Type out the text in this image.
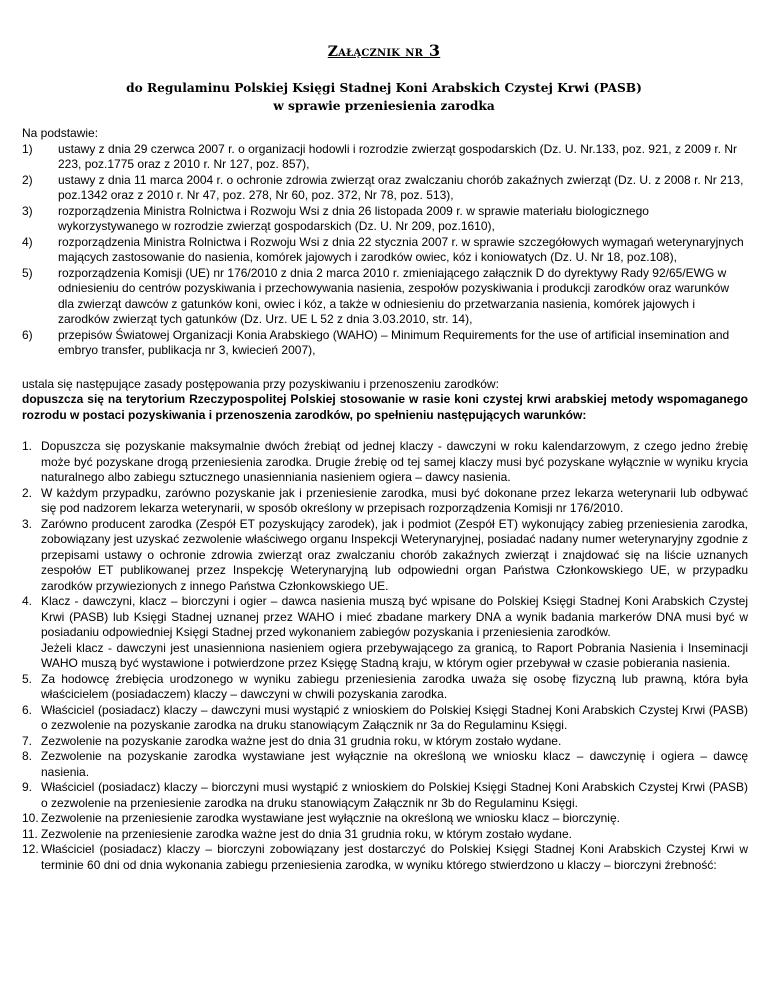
Załącznik nr 3
do Regulaminu Polskiej Księgi Stadnej Koni Arabskich Czystej Krwi (PASB)
w sprawie przeniesienia zarodka

Na podstawie:

1) ustawy z dnia 29 czerwca 2007 r. o organizacji hodowli i rozrodzie zwierząt gospodarskich (Dz. U. Nr.133, poz. 921, z 2009 r. Nr 223, poz.1775 oraz z 2010 r. Nr 127, poz. 857),
2) ustawy z dnia 11 marca 2004 r. o ochronie zdrowia zwierząt oraz zwalczaniu chorób zakaźnych zwierząt (Dz. U. z 2008 r. Nr 213, poz.1342 oraz z 2010 r. Nr 47, poz. 278, Nr 60, poz. 372, Nr 78, poz. 513),
3) rozporządzenia Ministra Rolnictwa i Rozwoju Wsi z dnia 26 listopada 2009 r. w sprawie materiału biologicznego wykorzystywanego w rozrodzie zwierząt gospodarskich (Dz. U. Nr 209, poz.1610),
4) rozporządzenia Ministra Rolnictwa i Rozwoju Wsi z dnia 22 stycznia 2007 r. w sprawie szczegółowych wymagań weterynaryjnych mających zastosowanie do nasienia, komórek jajowych i zarodków owiec, kóz i koniowatych (Dz. U. Nr 18, poz.108),
5) rozporządzenia Komisji (UE) nr 176/2010 z dnia 2 marca 2010 r. zmieniającego załącznik D do dyrektywy Rady 92/65/EWG w odniesieniu do centrów pozyskiwania i przechowywania nasienia, zespołów pozyskiwania i produkcji zarodków oraz warunków dla zwierząt dawców z gatunków koni, owiec i kóz, a także w odniesieniu do przetwarzania nasienia, komórek jajowych i zarodków zwierząt tych gatunków (Dz. Urz. UE L 52 z dnia 3.03.2010, str. 14),
6) przepisów Światowej Organizacji Konia Arabskiego (WAHO) – Minimum Requirements for the use of artificial insemination and embryo transfer, publikacja nr 3, kwiecień 2007),

ustala się następujące zasady postępowania przy pozyskiwaniu i przenoszeniu zarodków:

dopuszcza się na terytorium Rzeczypospolitej Polskiej stosowanie w rasie koni czystej krwi arabskiej metody wspomaganego rozrodu w postaci pozyskiwania i przenoszenia zarodków, po spełnieniu następujących warunków:

1. Dopuszcza się pozyskanie maksymalnie dwóch źrebiąt od jednej klaczy - dawczyni w roku kalendarzowym, z czego jedno źrebię może być pozyskane drogą przeniesienia zarodka. Drugie źrebię od tej samej klaczy musi być pozyskane wyłącznie w wyniku krycia naturalnego albo zabiegu sztucznego unasienniania nasieniem ogiera – dawcy nasienia.
2. W każdym przypadku, zarówno pozyskanie jak i przeniesienie zarodka, musi być dokonane przez lekarza weterynarii lub odbywać się pod nadzorem lekarza weterynarii, w sposób określony w przepisach rozporządzenia Komisji nr 176/2010.
3. Zarówno producent zarodka (Zespół ET pozyskujący zarodek), jak i podmiot (Zespół ET) wykonujący zabieg przeniesienia zarodka, zobowiązany jest uzyskać zezwolenie właściwego organu Inspekcji Weterynaryjnej, posiadać nadany numer weterynaryjny zgodnie z przepisami ustawy o ochronie zdrowia zwierząt oraz zwalczaniu chorób zakaźnych zwierząt i znajdować się na liście uznanych zespołów ET publikowanej przez Inspekcję Weterynaryjną lub odpowiedni organ Państwa Członkowskiego UE, w przypadku zarodków przywiezionych z innego Państwa Członkowskiego UE.
4. Klacz - dawczyni, klacz – biorczyni i ogier – dawca nasienia muszą być wpisane do Polskiej Księgi Stadnej Koni Arabskich Czystej Krwi (PASB) lub Księgi Stadnej uznanej przez WAHO i mieć zbadane markery DNA a wynik badania markerów DNA musi być w posiadaniu odpowiedniej Księgi Stadnej przed wykonaniem zabiegów pozyskania i przeniesienia zarodków.
Jeżeli klacz - dawczyni jest unasienniona nasieniem ogiera przebywającego za granicą, to Raport Pobrania Nasienia i Inseminacji WAHO muszą być wystawione i potwierdzone przez Księgę Stadną kraju, w którym ogier przebywał w czasie pobierania nasienia.
5. Za hodowcę źrebięcia urodzonego w wyniku zabiegu przeniesienia zarodka uważa się osobę fizyczną lub prawną, która była właścicielem (posiadaczem) klaczy – dawczyni w chwili pozyskania zarodka.
6. Właściciel (posiadacz) klaczy – dawczyni musi wystąpić z wnioskiem do Polskiej Księgi Stadnej Koni Arabskich Czystej Krwi (PASB) o zezwolenie na pozyskanie zarodka na druku stanowiącym Załącznik nr 3a do Regulaminu Księgi.
7. Zezwolenie na pozyskanie zarodka ważne jest do dnia 31 grudnia roku, w którym zostało wydane.
8. Zezwolenie na pozyskanie zarodka wystawiane jest wyłącznie na określoną we wniosku klacz – dawczynię i ogiera – dawcę nasienia.
9. Właściciel (posiadacz) klaczy – biorczyni musi wystąpić z wnioskiem do Polskiej Księgi Stadnej Koni Arabskich Czystej Krwi (PASB) o zezwolenie na przeniesienie zarodka na druku stanowiącym Załącznik nr 3b do Regulaminu Księgi.
10. Zezwolenie na przeniesienie zarodka wystawiane jest wyłącznie na określoną we wniosku klacz – biorczynię.
11. Zezwolenie na przeniesienie zarodka ważne jest do dnia 31 grudnia roku, w którym zostało wydane.
12. Właściciel (posiadacz) klaczy – biorczyni zobowiązany jest dostarczyć do Polskiej Księgi Stadnej Koni Arabskich Czystej Krwi w terminie 60 dni od dnia wykonania zabiegu przeniesienia zarodka, w wyniku którego stwierdzono u klaczy – biorczyni źrebność:
